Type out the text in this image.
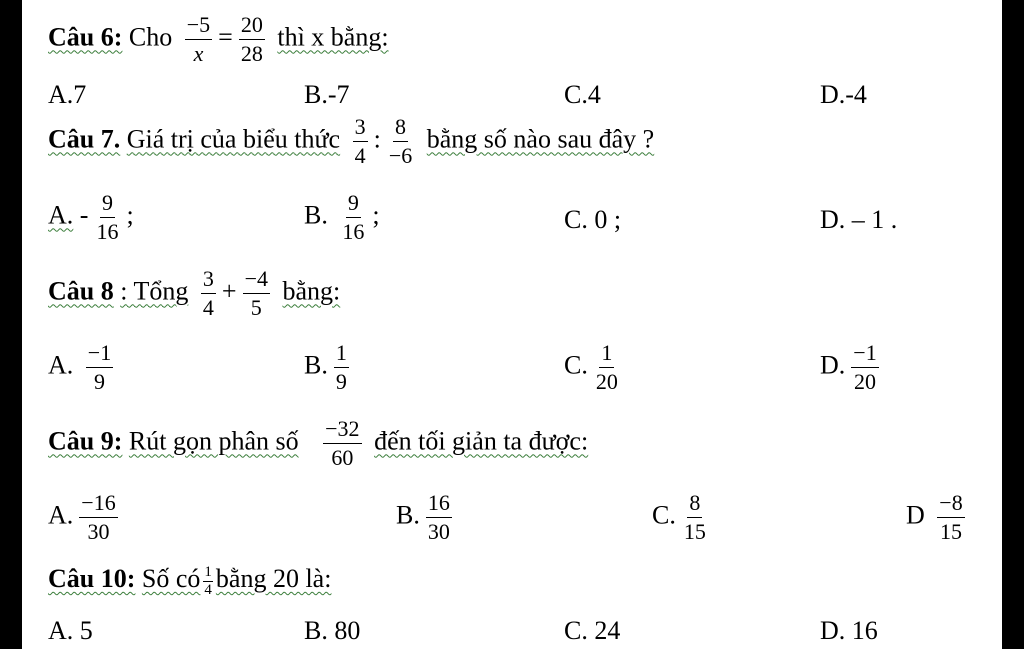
Câu 6: Cho $\frac{-5}{x} = \frac{20}{28}$ thì x bằng:
A.7	B.-7	C.4	D.-4
Câu 7. Giá trị của biểu thức $\frac{3}{4}$ : $\frac{8}{-6}$ bằng số nào sau đây ?
A. - $\frac{9}{16}$ ;	B. $\frac{9}{16}$ ;	C. 0 ;	D. – 1 .
Câu 8 : Tổng $\frac{3}{4} + \frac{-4}{5}$ bằng:
A. $\frac{-1}{9}$	B. $\frac{1}{9}$	C. $\frac{1}{20}$	D. $\frac{-1}{20}$
Câu 9: Rút gọn phân số $\frac{-32}{60}$ đến tối giản ta được:
A. $\frac{-16}{30}$	B. $\frac{16}{30}$	C. $\frac{8}{15}$	D $\frac{-8}{15}$
Câu 10: Số có $\frac{1}{4}$ bằng 20 là:
A. 5	B. 80	C. 24	D. 16
